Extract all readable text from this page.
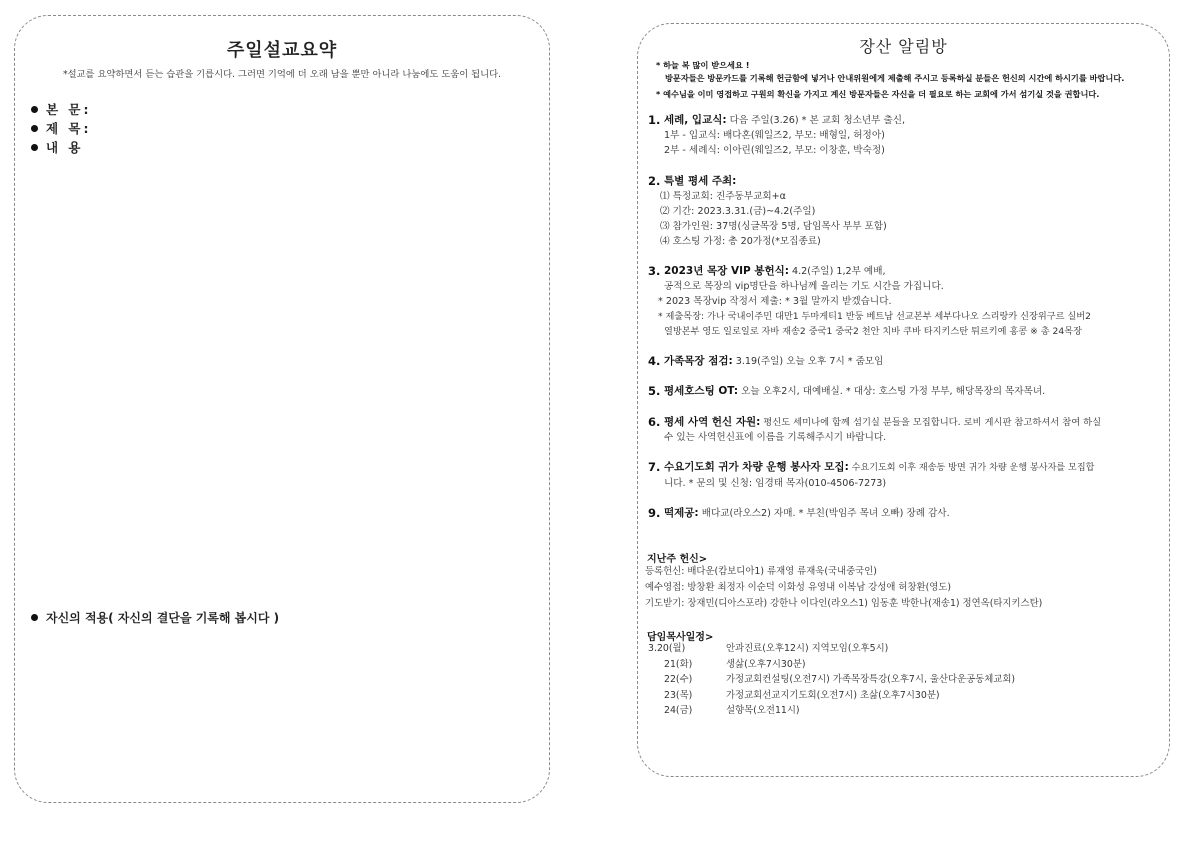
주일설교요약
*설교를 요약하면서 듣는 습관을 기릅시다. 그러면 기억에 더 오래 남을 뿐만 아니라 나눔에도 도움이 됩니다.
본 문:
제 목:
내 용
자신의 적용( 자신의 결단을 기록해 봅시다 )
장산 알림방
* 하늘 복 많이 받으세요 !
방문자들은 방문카드를 기록해 헌금함에 넣거나 안내위원에게 제출해 주시고 등록하실 분들은 헌신의 시간에 하시기를 바랍니다.
* 예수님을 이미 영접하고 구원의 확신을 가지고 계신 방문자들은 자신을 더 필요로 하는 교회에 가서 섬기실 것을 권합니다.
1. 세례, 입교식: 다음 주일(3.26) * 본 교회 청소년부 출신,
1부 - 입교식: 배다혼(웨일즈2, 부모: 배형일, 허정아)
2부 - 세례식: 이아린(웨일즈2, 부모: 이창훈, 박숙정)
2. 특별 평세 주최:
⑴ 특정교회: 진주동부교회+α
⑵ 기간: 2023.3.31.(금)~4.2(주일)
⑶ 참가인원: 37명(싱글목장 5명, 담임목사 부부 포함)
⑷ 호스팅 가정: 총 20가정(*모집종료)
3. 2023년 목장 VIP 봉헌식: 4.2(주일) 1,2부 예배,
공적으로 목장의 vip명단을 하나님께 올리는 기도 시간을 가집니다.
* 2023 목장vip 작정서 제출: * 3월 말까지 받겠습니다.
* 제출목장: 가나 국내이주민 대만1 두마게티1 반둥 베트남 선교본부 세부다나오 스리랑카 신장위구르 실버2
열방본부 영도 일로일로 자바 재송2 중국1 중국2 천안 치바 쿠바 타지키스탄 튀르키예 홍콩 ※ 총 24목장
4. 가족목장 점검: 3.19(주일) 오늘 오후 7시 * 줌모임
5. 평세호스팅 OT: 오늘 오후2시, 대예배실. * 대상: 호스팅 가정 부부, 해당목장의 목자목녀.
6. 평세 사역 헌신 자원: 평신도 세미나에 함께 섬기실 분들을 모집합니다. 로비 게시판 참고하셔서 참여 하실
수 있는 사역헌신표에 이름을 기록해주시기 바랍니다.
7. 수요기도회 귀가 차량 운행 봉사자 모집: 수요기도회 이후 재송동 방면 귀가 차량 운행 봉사자를 모집합
니다. * 문의 및 신청: 임경태 목자(010-4506-7273)
9. 떡제공: 배다교(라오스2) 자매. * 부친(박임주 목녀 오빠) 장례 감사.
지난주 헌신>
등록헌신: 배다운(캄보디아1) 류재영 류재욱(국내중국인)
예수영접: 방창환 최정자 이순덕 이화성 유영내 이복남 강성애 허창환(영도)
기도받기: 장재민(디아스포라) 강한나 이다인(라오스1) 임동훈 박한나(재송1) 정연옥(타지키스탄)
담임목사일정>
3.20(월)	안과진료(오후12시) 지역모임(오후5시)
21(화)	생삶(오후7시30분)
22(수)	가정교회컨설팅(오전7시) 가족목장특강(오후7시, 울산다운공동체교회)
23(목)	가정교회선교지기도회(오전7시) 초삶(오후7시30분)
24(금)	설향목(오전11시)
